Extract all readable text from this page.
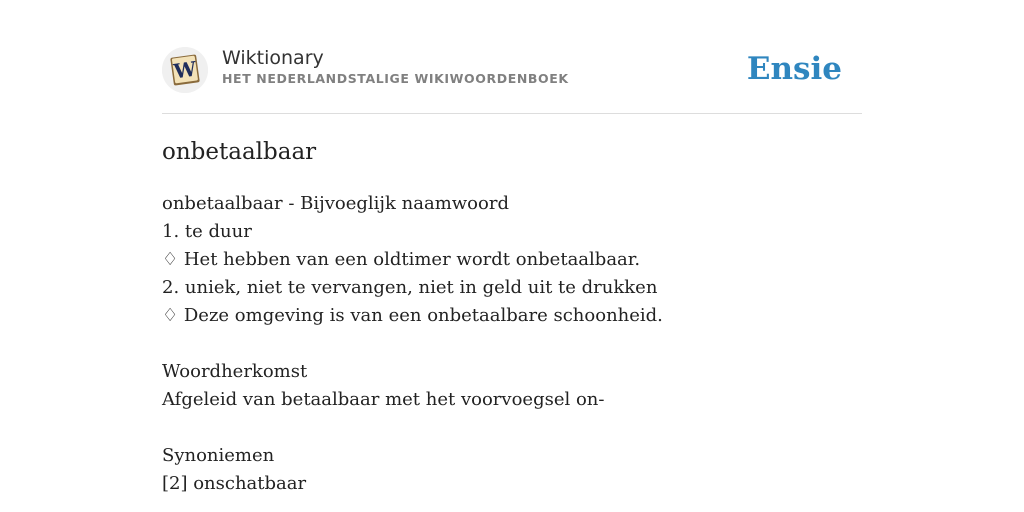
W Wiktionary
HET NEDERLANDSTALIGE WIKIWOORDENBOEK	Ensie
onbetaalbaar
onbetaalbaar - Bijvoeglijk naamwoord
1. te duur
♢ Het hebben van een oldtimer wordt onbetaalbaar.
2. uniek, niet te vervangen, niet in geld uit te drukken
♢ Deze omgeving is van een onbetaalbare schoonheid.
Woordherkomst
Afgeleid van betaalbaar met het voorvoegsel on-
Synoniemen
[2] onschatbaar
